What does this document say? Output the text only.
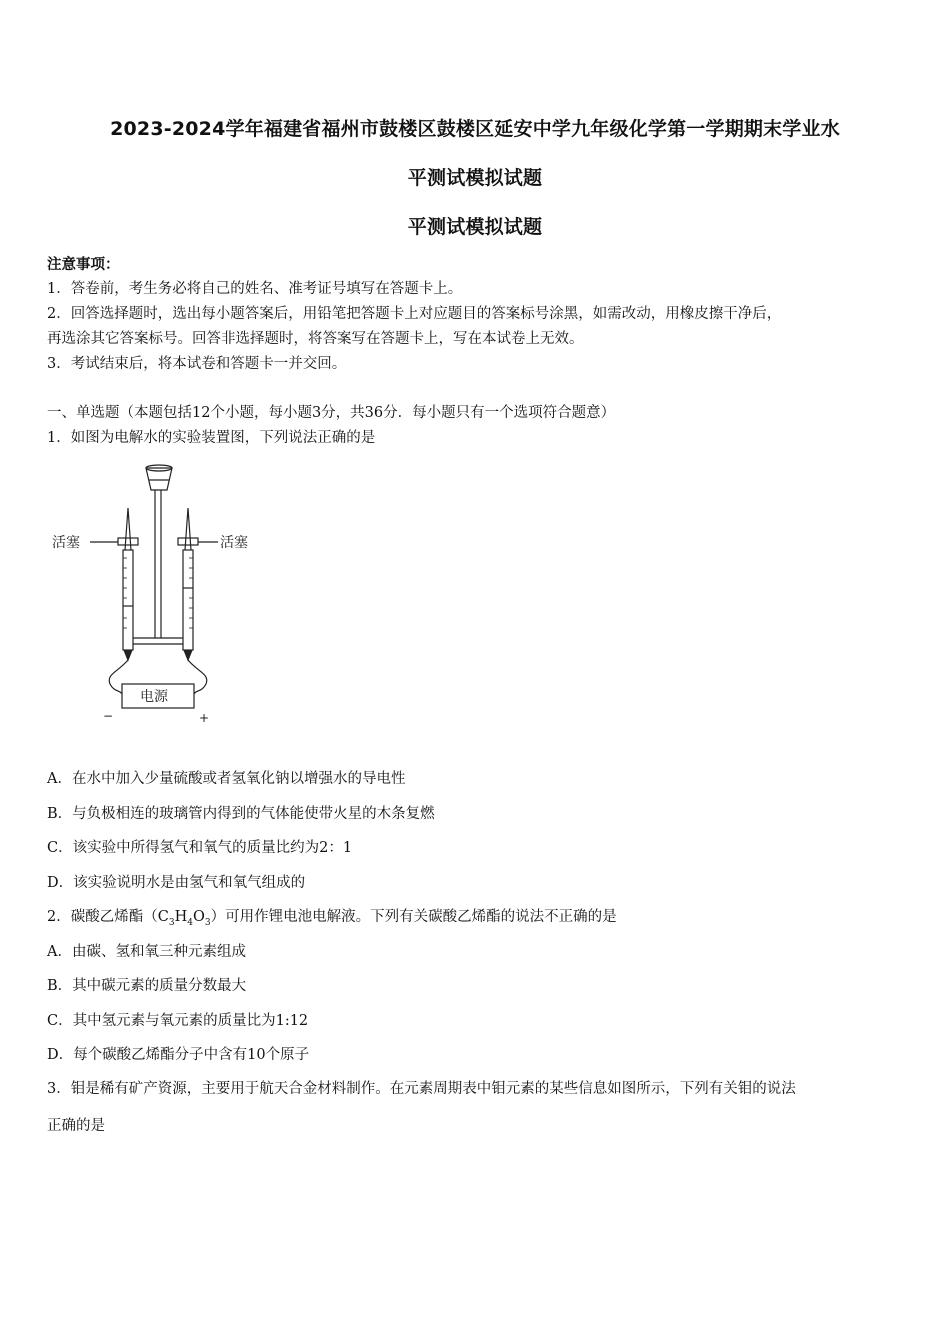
2023-2024学年福建省福州市鼓楼区鼓楼区延安中学九年级化学第一学期期末学业水
平测试模拟试题
平测试模拟试题
注意事项：
1．答卷前，考生务必将自己的姓名、准考证号填写在答题卡上。
2．回答选择题时，选出每小题答案后，用铅笔把答题卡上对应题目的答案标号涂黑，如需改动，用橡皮擦干净后，
再选涂其它答案标号。回答非选择题时，将答案写在答题卡上，写在本试卷上无效。
3．考试结束后，将本试卷和答题卡一并交回。
一、单选题（本题包括12个小题，每小题3分，共36分．每小题只有一个选项符合题意）
1．如图为电解水的实验装置图，下列说法正确的是
活塞	活塞
电源
−	+
A．在水中加入少量硫酸或者氢氧化钠以增强水的导电性
B．与负极相连的玻璃管内得到的气体能使带火星的木条复燃
C．该实验中所得氢气和氧气的质量比约为2：1
D．该实验说明水是由氢气和氧气组成的
2．碳酸乙烯酯$(C_3H_4O_3)$可用作锂电池电解液。下列有关碳酸乙烯酯的说法不正确的是
A．由碳、氢和氧三种元素组成
B．其中碳元素的质量分数最大
C．其中氢元素与氧元素的质量比为1:12
D．每个碳酸乙烯酯分子中含有10个原子
3．钼是稀有矿产资源，主要用于航天合金材料制作。在元素周期表中钼元素的某些信息如图所示，下列有关钼的说法
正确的是
